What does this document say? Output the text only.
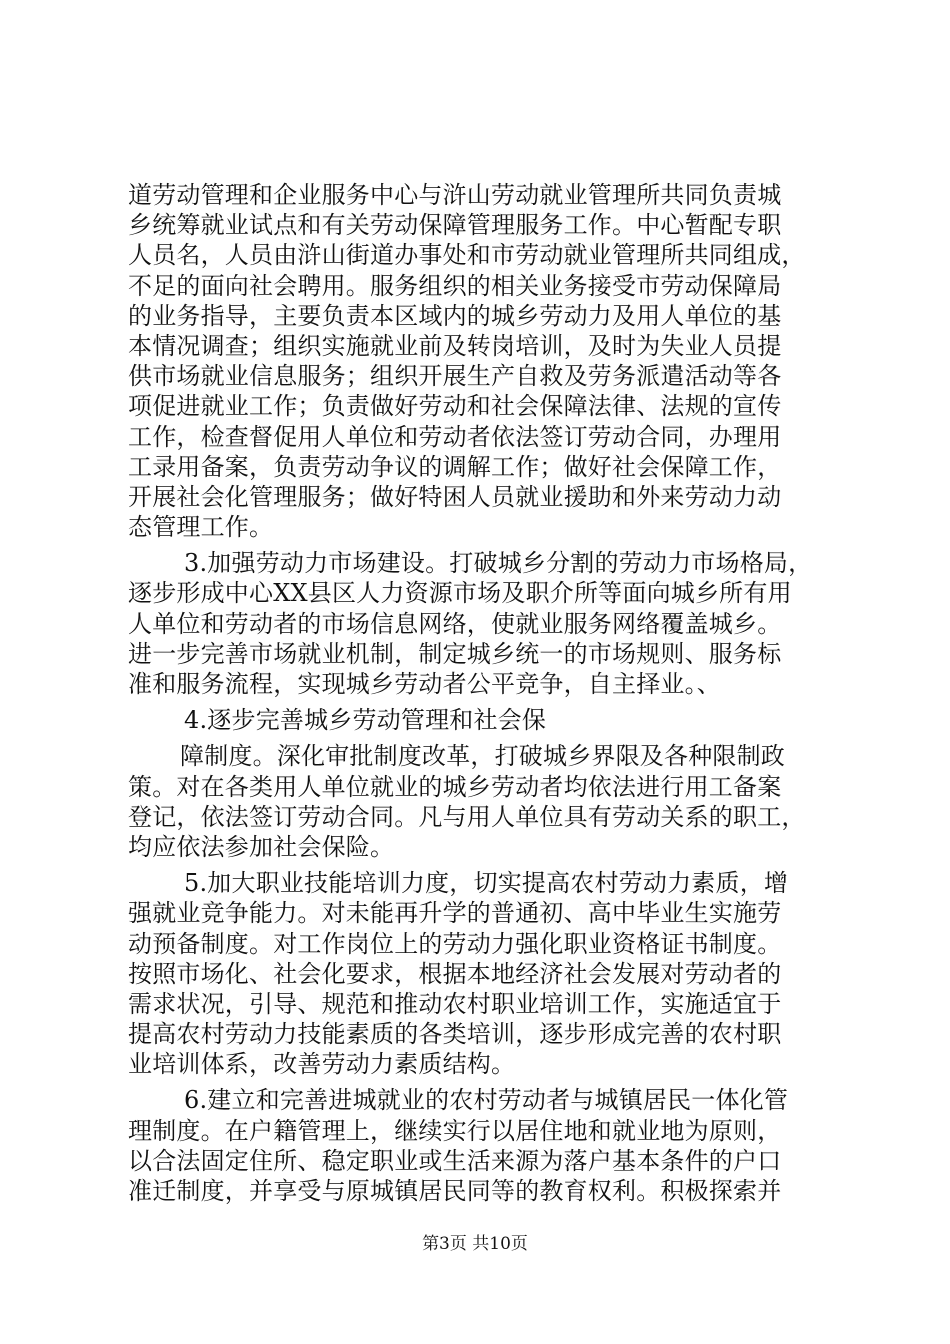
道劳动管理和企业服务中心与浒山劳动就业管理所共同负责城
乡统筹就业试点和有关劳动保障管理服务工作。中心暂配专职
人员名，人员由浒山街道办事处和市劳动就业管理所共同组成，
不足的面向社会聘用。服务组织的相关业务接受市劳动保障局
的业务指导，主要负责本区域内的城乡劳动力及用人单位的基
本情况调查；组织实施就业前及转岗培训，及时为失业人员提
供市场就业信息服务；组织开展生产自救及劳务派遣活动等各
项促进就业工作；负责做好劳动和社会保障法律、法规的宣传
工作，检查督促用人单位和劳动者依法签订劳动合同，办理用
工录用备案，负责劳动争议的调解工作；做好社会保障工作，
开展社会化管理服务；做好特困人员就业援助和外来劳动力动
态管理工作。
3.加强劳动力市场建设。打破城乡分割的劳动力市场格局，
逐步形成中心XX县区人力资源市场及职介所等面向城乡所有用
人单位和劳动者的市场信息网络，使就业服务网络覆盖城乡。
进一步完善市场就业机制，制定城乡统一的市场规则、服务标
准和服务流程，实现城乡劳动者公平竞争，自主择业。、
4.逐步完善城乡劳动管理和社会保
障制度。深化审批制度改革，打破城乡界限及各种限制政
策。对在各类用人单位就业的城乡劳动者均依法进行用工备案
登记，依法签订劳动合同。凡与用人单位具有劳动关系的职工，
均应依法参加社会保险。
5.加大职业技能培训力度，切实提高农村劳动力素质，增
强就业竞争能力。对未能再升学的普通初、高中毕业生实施劳
动预备制度。对工作岗位上的劳动力强化职业资格证书制度。
按照市场化、社会化要求，根据本地经济社会发展对劳动者的
需求状况，引导、规范和推动农村职业培训工作，实施适宜于
提高农村劳动力技能素质的各类培训，逐步形成完善的农村职
业培训体系，改善劳动力素质结构。
6.建立和完善进城就业的农村劳动者与城镇居民一体化管
理制度。在户籍管理上，继续实行以居住地和就业地为原则，
以合法固定住所、稳定职业或生活来源为落户基本条件的户口
准迁制度，并享受与原城镇居民同等的教育权利。积极探索并
第3页 共10页
